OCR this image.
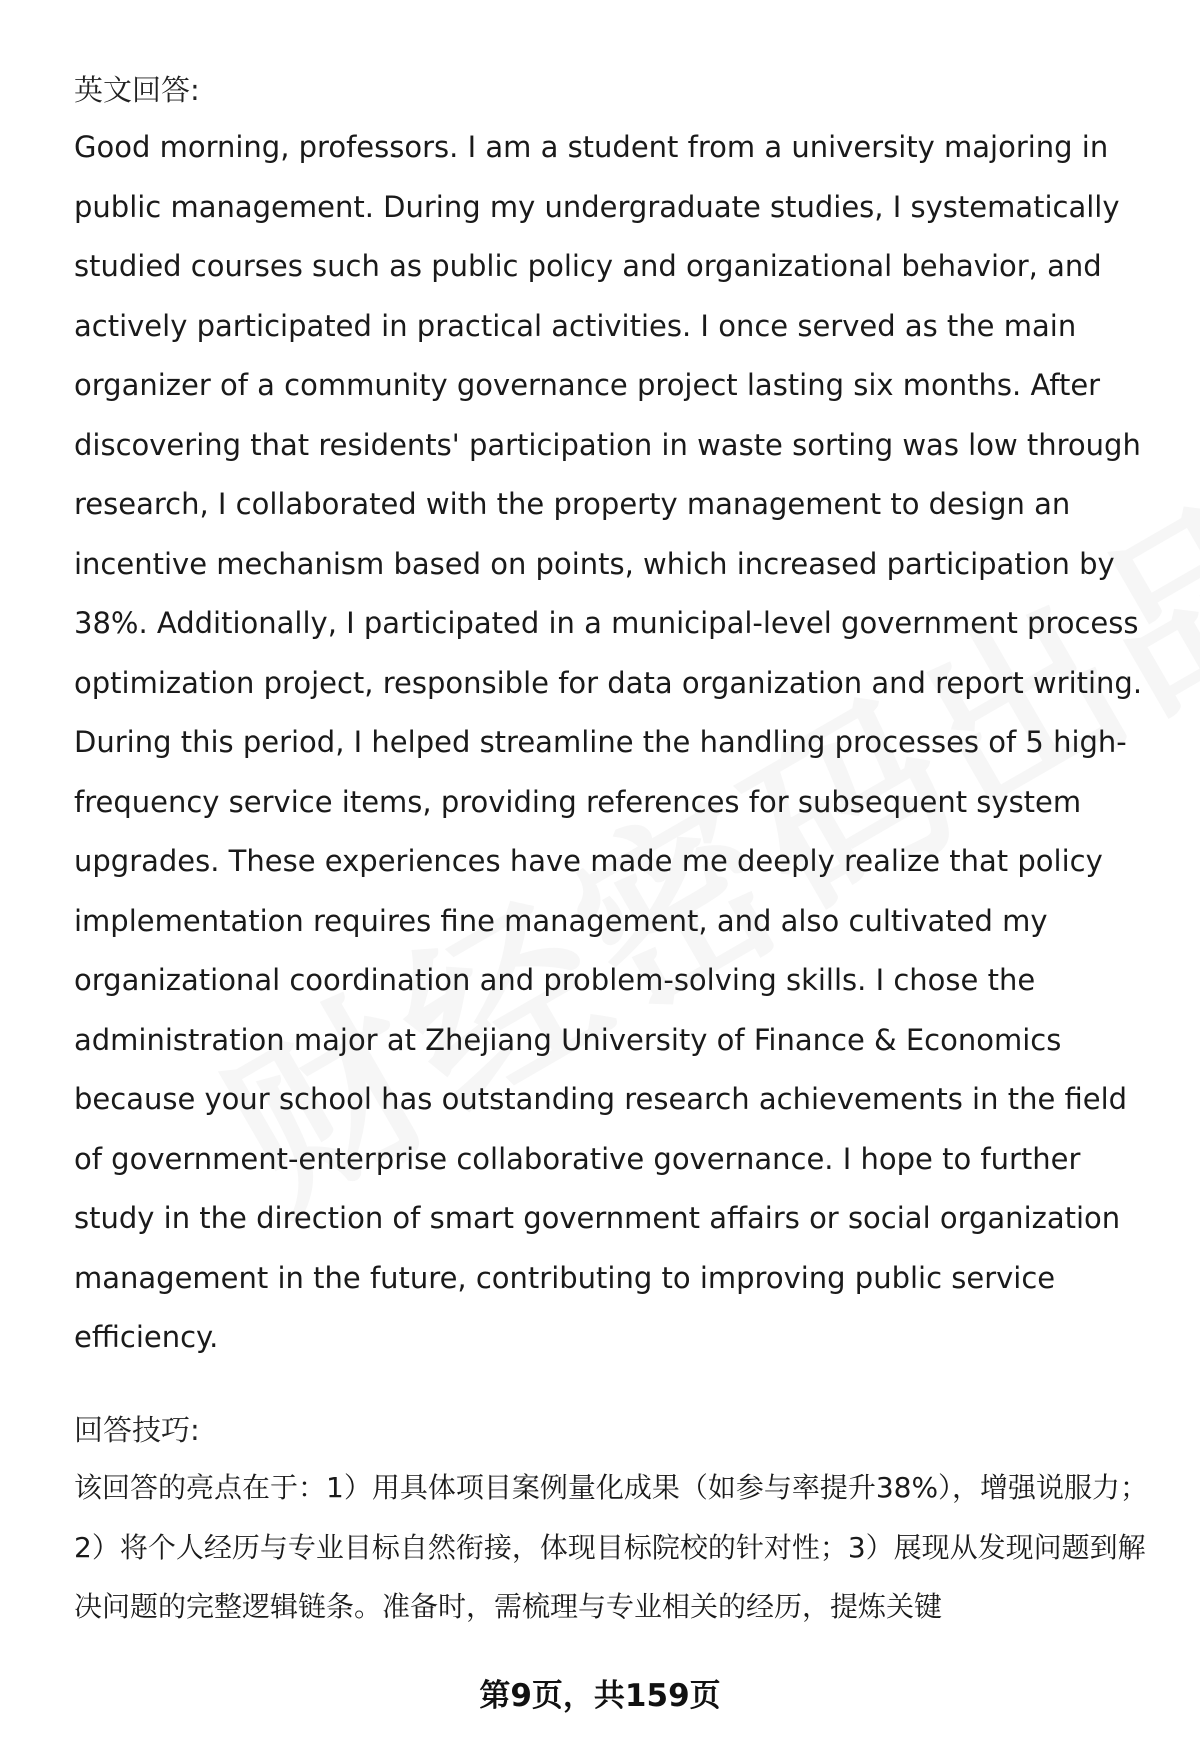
英文回答:

Good morning, professors. I am a student from a university majoring in public management. During my undergraduate studies, I systematically studied courses such as public policy and organizational behavior, and actively participated in practical activities. I once served as the main organizer of a community governance project lasting six months. After discovering that residents' participation in waste sorting was low through research, I collaborated with the property management to design an incentive mechanism based on points, which increased participation by 38%. Additionally, I participated in a municipal-level government process optimization project, responsible for data organization and report writing. During this period, I helped streamline the handling processes of 5 high-frequency service items, providing references for subsequent system upgrades. These experiences have made me deeply realize that policy implementation requires fine management, and also cultivated my organizational coordination and problem-solving skills. I chose the administration major at Zhejiang University of Finance & Economics because your school has outstanding research achievements in the field of government-enterprise collaborative governance. I hope to further study in the direction of smart government affairs or social organization management in the future, contributing to improving public service efficiency.

回答技巧:

该回答的亮点在于：1）用具体项目案例量化成果（如参与率提升38%），增强说服力；2）将个人经历与专业目标自然衔接，体现目标院校的针对性；3）展现从发现问题到解决问题的完整逻辑链条。准备时，需梳理与专业相关的经历，提炼关键

第9页，共159页
